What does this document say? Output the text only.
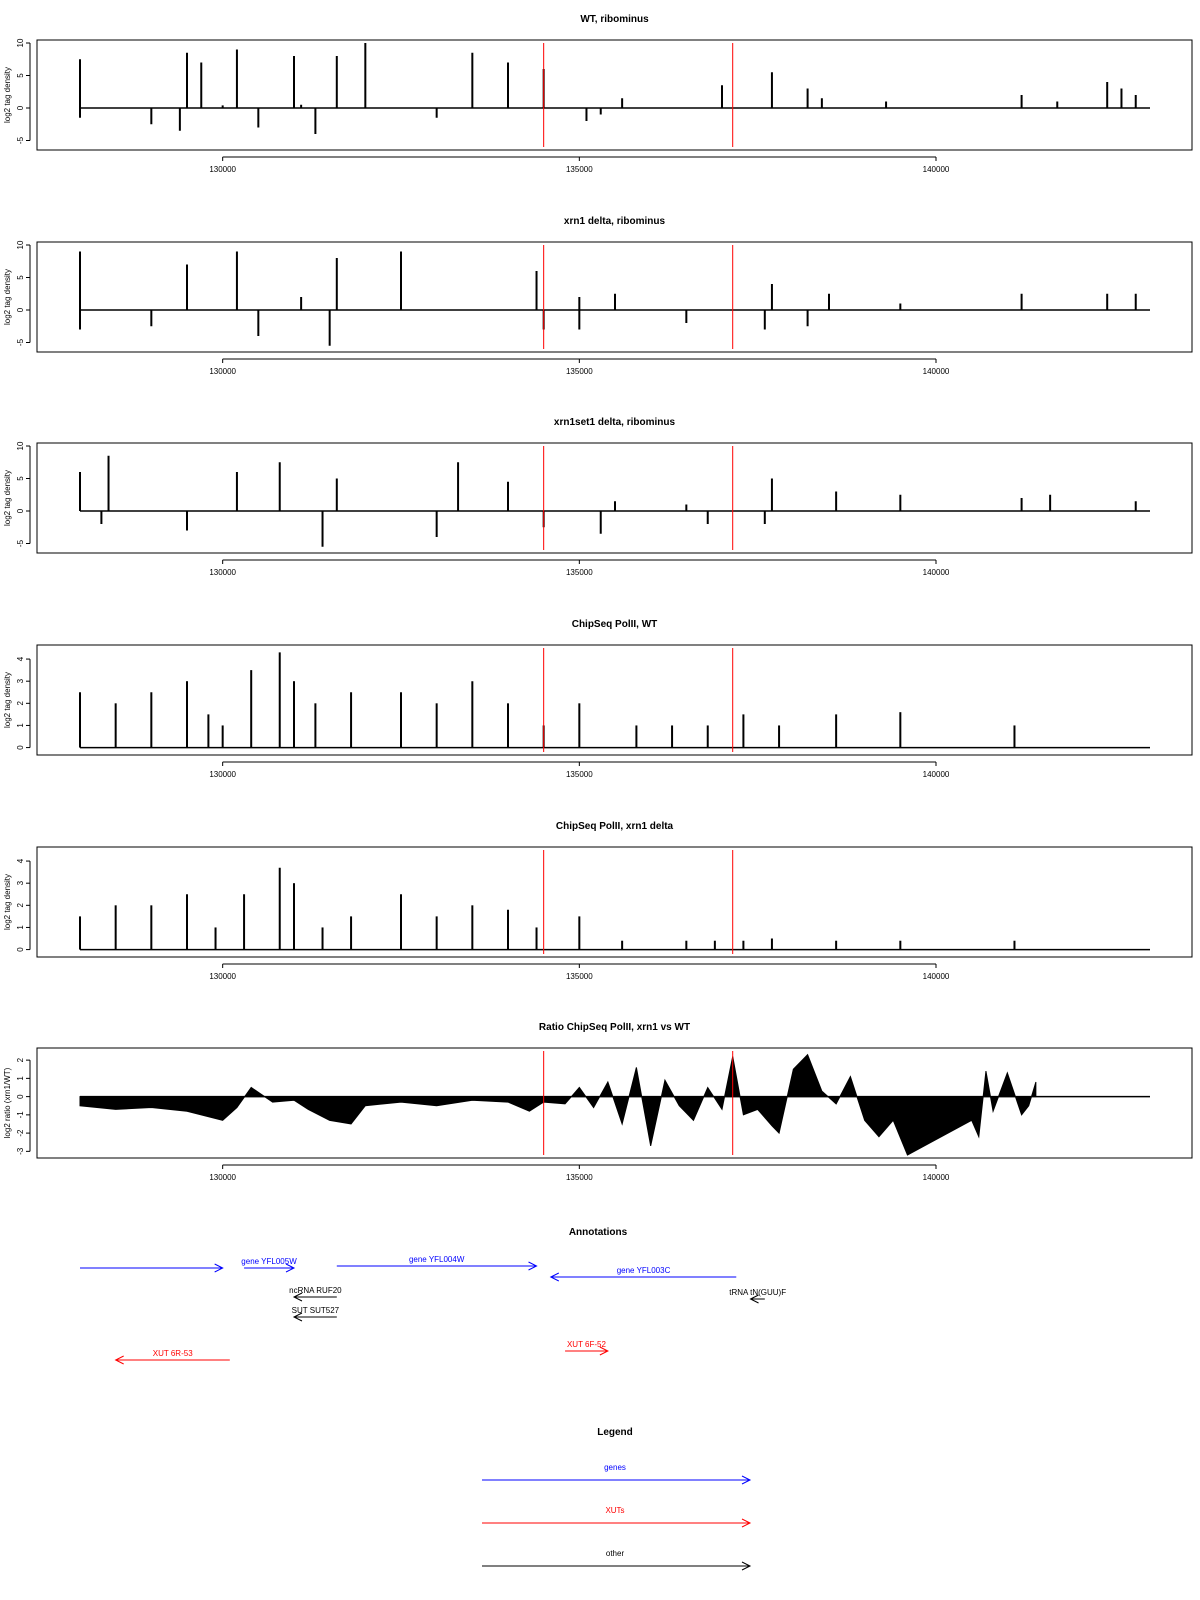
WT, ribominus
log2 tag density
-5
0
5
10
130000	135000	140000
xrn1 delta, ribominus
log2 tag density
-5
0
5
10
130000	135000	140000
xrn1set1 delta, ribominus
log2 tag density
-5
0
5
10
130000	135000	140000
ChipSeq PolII, WT
log2 tag density
0
1
2
3
4
130000	135000	140000
ChipSeq PolII, xrn1 delta
log2 tag density
0
1
2
3
4
130000	135000	140000
Ratio ChipSeq PolII, xrn1 vs WT
log2 ratio (xrn1/WT)
-3
-2
-1
0
1
2
130000	135000	140000
Annotations
gene YFL005W	gene YFL004W
gene YFL003C
ncRNA RUF20	tRNA tN(GUU)F
SUT SUT527
XUT 6F-52
XUT 6R-53
Legend
genes
XUTs
other
